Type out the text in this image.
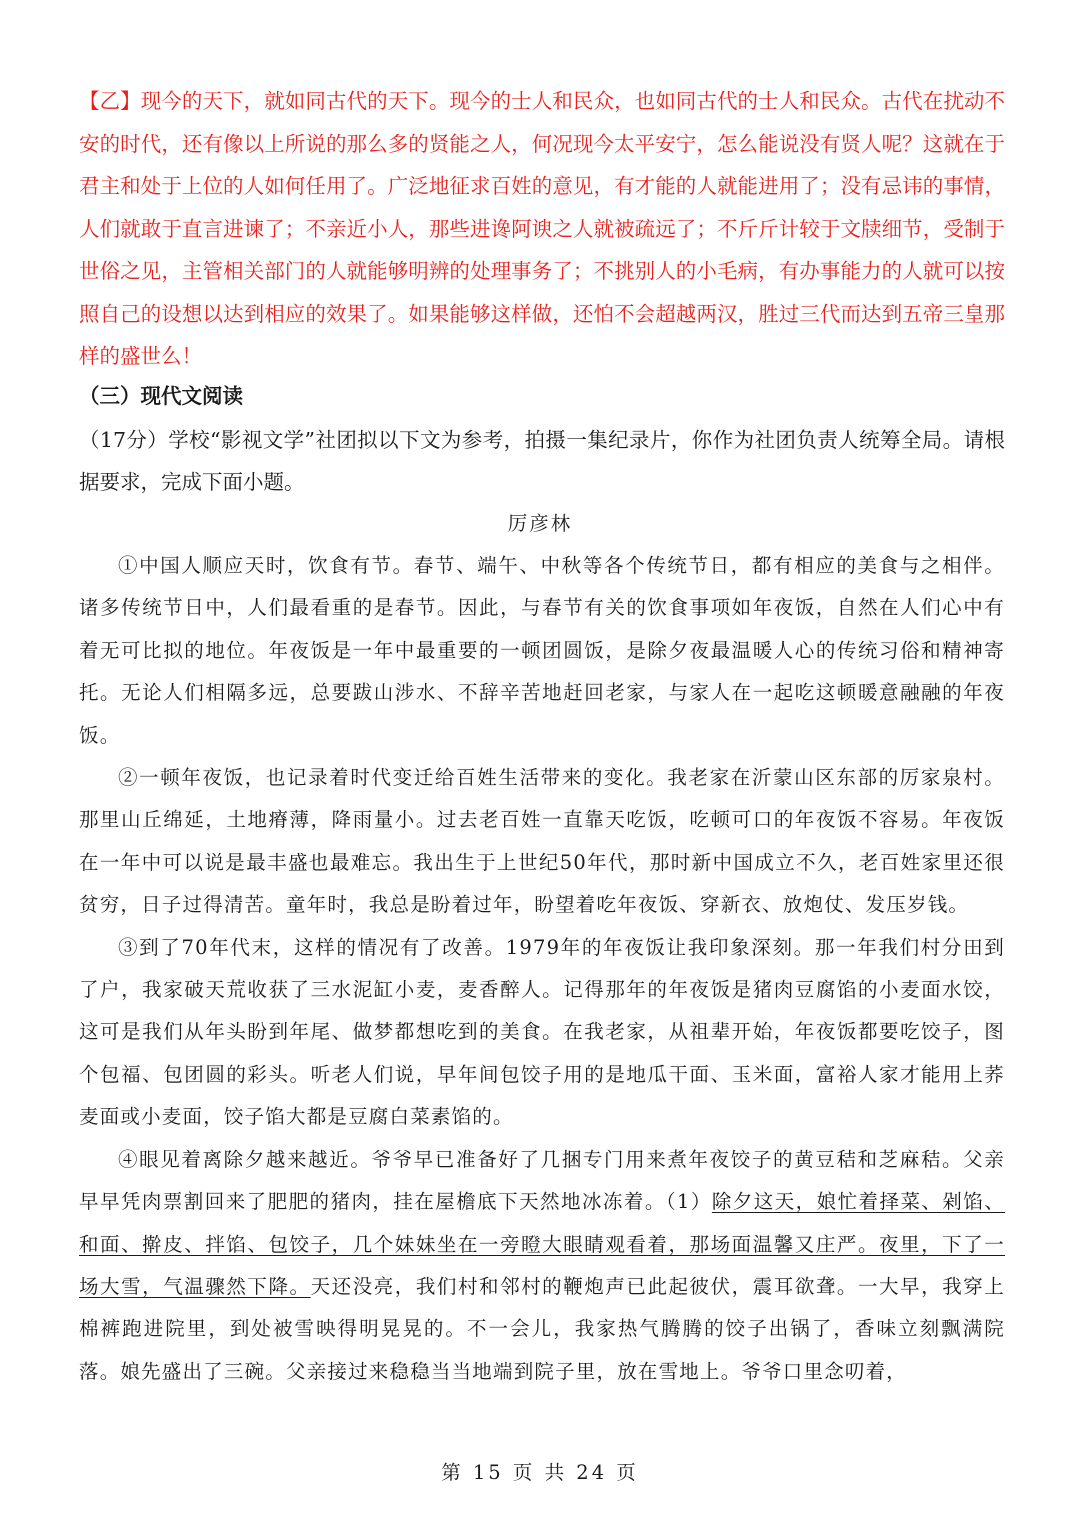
【乙】现今的天下，就如同古代的天下。现今的士人和民众，也如同古代的士人和民众。古代在扰动不安的时代，还有像以上所说的那么多的贤能之人，何况现今太平安宁，怎么能说没有贤人呢？这就在于君主和处于上位的人如何任用了。广泛地征求百姓的意见，有才能的人就能进用了；没有忌讳的事情，人们就敢于直言进谏了；不亲近小人，那些进谗阿谀之人就被疏远了；不斤斤计较于文牍细节，受制于世俗之见，主管相关部门的人就能够明辨的处理事务了；不挑别人的小毛病，有办事能力的人就可以按照自己的设想以达到相应的效果了。如果能够这样做，还怕不会超越两汉，胜过三代而达到五帝三皇那样的盛世么！
（三）现代文阅读
（17分）学校“影视文学”社团拟以下文为参考，拍摄一集纪录片，你作为社团负责人统筹全局。请根据要求，完成下面小题。
厉彦林

①中国人顺应天时，饮食有节。春节、端午、中秋等各个传统节日，都有相应的美食与之相伴。诸多传统节日中，人们最看重的是春节。因此，与春节有关的饮食事项如年夜饭，自然在人们心中有着无可比拟的地位。年夜饭是一年中最重要的一顿团圆饭，是除夕夜最温暖人心的传统习俗和精神寄托。无论人们相隔多远，总要跋山涉水、不辞辛苦地赶回老家，与家人在一起吃这顿暖意融融的年夜饭。

②一顿年夜饭，也记录着时代变迁给百姓生活带来的变化。我老家在沂蒙山区东部的厉家泉村。那里山丘绵延，土地瘠薄，降雨量小。过去老百姓一直靠天吃饭，吃顿可口的年夜饭不容易。年夜饭在一年中可以说是最丰盛也最难忘。我出生于上世纪50年代，那时新中国成立不久，老百姓家里还很贫穷，日子过得清苦。童年时，我总是盼着过年，盼望着吃年夜饭、穿新衣、放炮仗、发压岁钱。

③到了70年代末，这样的情况有了改善。1979年的年夜饭让我印象深刻。那一年我们村分田到了户，我家破天荒收获了三水泥缸小麦，麦香醉人。记得那年的年夜饭是猪肉豆腐馅的小麦面水饺，这可是我们从年头盼到年尾、做梦都想吃到的美食。在我老家，从祖辈开始，年夜饭都要吃饺子，图个包福、包团圆的彩头。听老人们说，早年间包饺子用的是地瓜干面、玉米面，富裕人家才能用上荞麦面或小麦面，饺子馅大都是豆腐白菜素馅的。

④眼见着离除夕越来越近。爷爷早已准备好了几捆专门用来煮年夜饺子的黄豆秸和芝麻秸。父亲早早凭肉票割回来了肥肥的猪肉，挂在屋檐底下天然地冰冻着。（1）除夕这天，娘忙着择菜、剁馅、和面、擀皮、拌馅、包饺子，几个妹妹坐在一旁瞪大眼睛观看着，那场面温馨又庄严。夜里，下了一场大雪，气温骤然下降。天还没亮，我们村和邻村的鞭炮声已此起彼伏，震耳欲聋。一大早，我穿上棉裤跑进院里，到处被雪映得明晃晃的。不一会儿，我家热气腾腾的饺子出锅了，香味立刻飘满院落。娘先盛出了三碗。父亲接过来稳稳当当地端到院子里，放在雪地上。爷爷口里念叨着，

第 15 页 共 24 页
